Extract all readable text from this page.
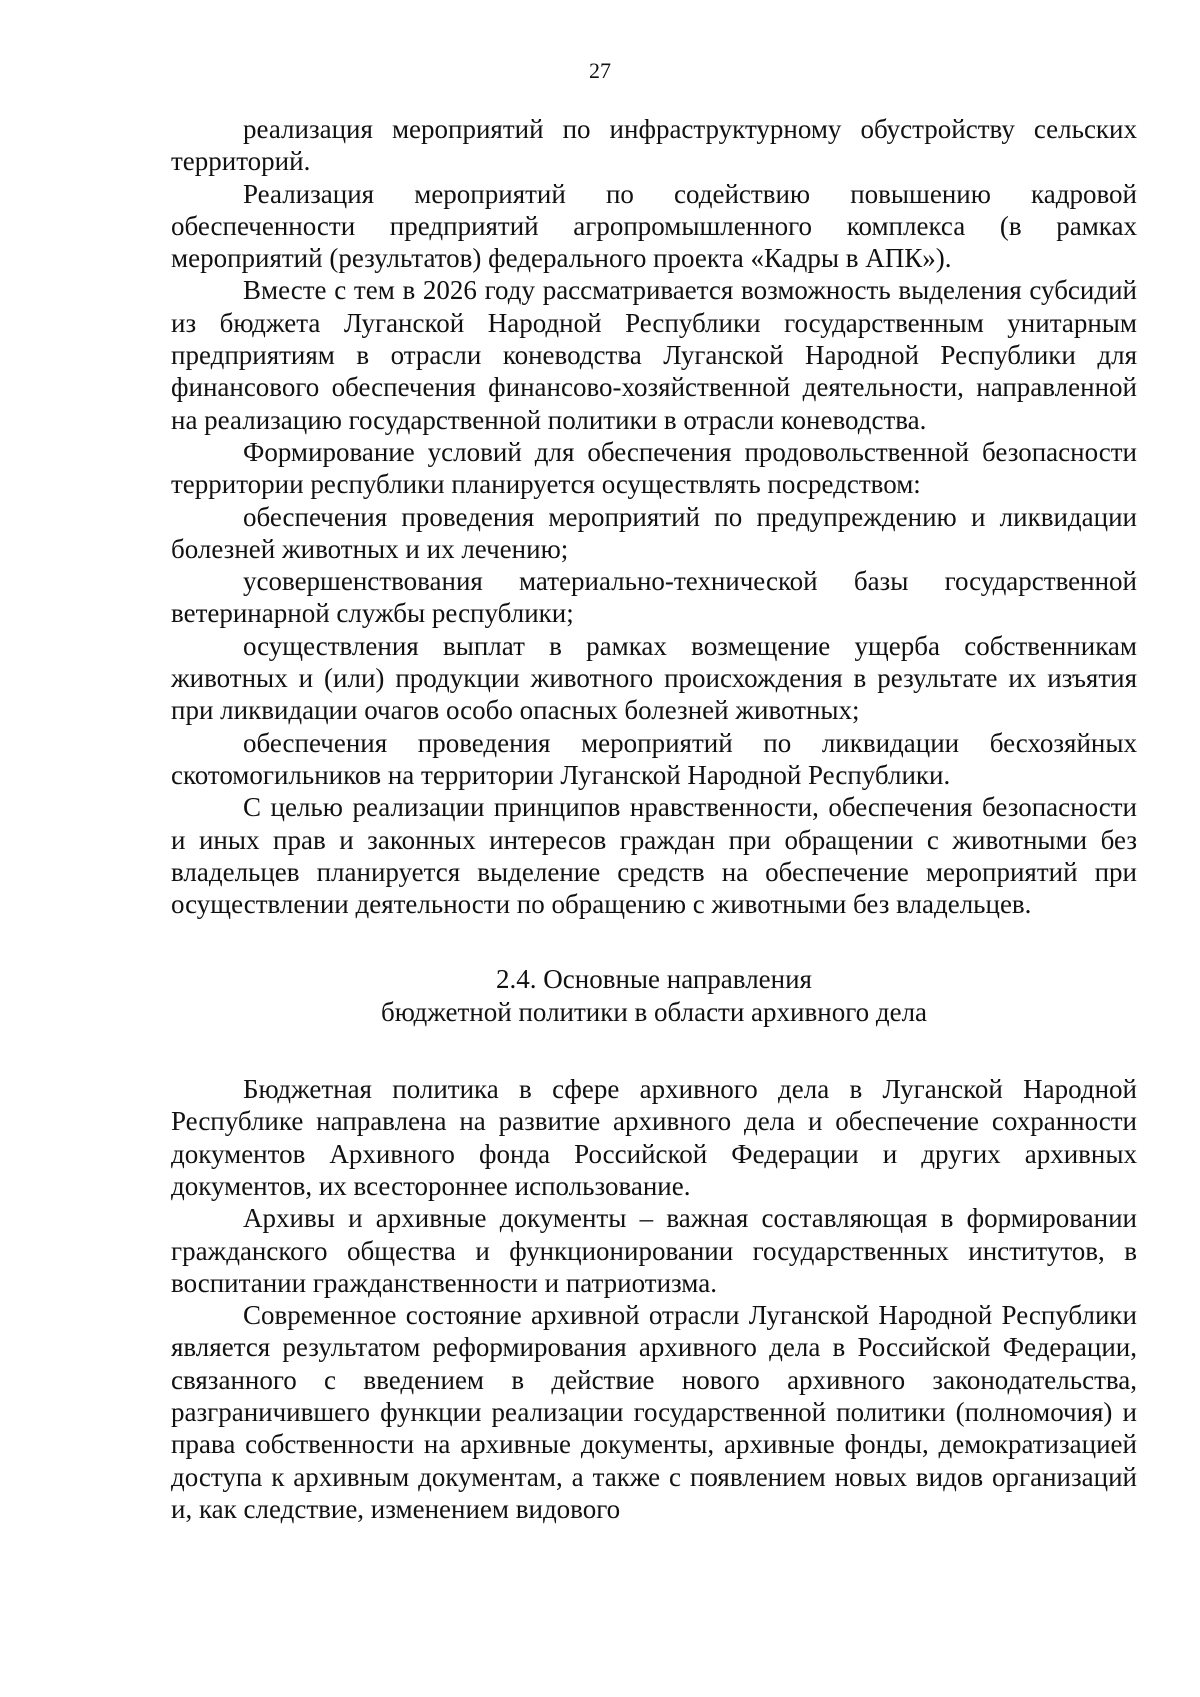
27

реализация мероприятий по инфраструктурному обустройству сельских территорий.

Реализация мероприятий по содействию повышению кадровой обеспеченности предприятий агропромышленного комплекса (в рамках мероприятий (результатов) федерального проекта «Кадры в АПК»).

Вместе с тем в 2026 году рассматривается возможность выделения субсидий из бюджета Луганской Народной Республики государственным унитарным предприятиям в отрасли коневодства Луганской Народной Республики для финансового обеспечения финансово-хозяйственной деятельности, направленной на реализацию государственной политики в отрасли коневодства.

Формирование условий для обеспечения продовольственной безопасности территории республики планируется осуществлять посредством:

обеспечения проведения мероприятий по предупреждению и ликвидации болезней животных и их лечению;

усовершенствования материально-технической базы государственной ветеринарной службы республики;

осуществления выплат в рамках возмещение ущерба собственникам животных и (или) продукции животного происхождения в результате их изъятия при ликвидации очагов особо опасных болезней животных;

обеспечения проведения мероприятий по ликвидации бесхозяйных скотомогильников на территории Луганской Народной Республики.

С целью реализации принципов нравственности, обеспечения безопасности и иных прав и законных интересов граждан при обращении с животными без владельцев планируется выделение средств на обеспечение мероприятий при осуществлении деятельности по обращению с животными без владельцев.

2.4. Основные направления
бюджетной политики в области архивного дела

Бюджетная политика в сфере архивного дела в Луганской Народной Республике направлена на развитие архивного дела и обеспечение сохранности документов Архивного фонда Российской Федерации и других архивных документов, их всестороннее использование.

Архивы и архивные документы – важная составляющая в формировании гражданского общества и функционировании государственных институтов, в воспитании гражданственности и патриотизма.

Современное состояние архивной отрасли Луганской Народной Республики является результатом реформирования архивного дела в Российской Федерации, связанного с введением в действие нового архивного законодательства, разграничившего функции реализации государственной политики (полномочия) и права собственности на архивные документы, архивные фонды, демократизацией доступа к архивным документам, а также с появлением новых видов организаций и, как следствие, изменением видового
